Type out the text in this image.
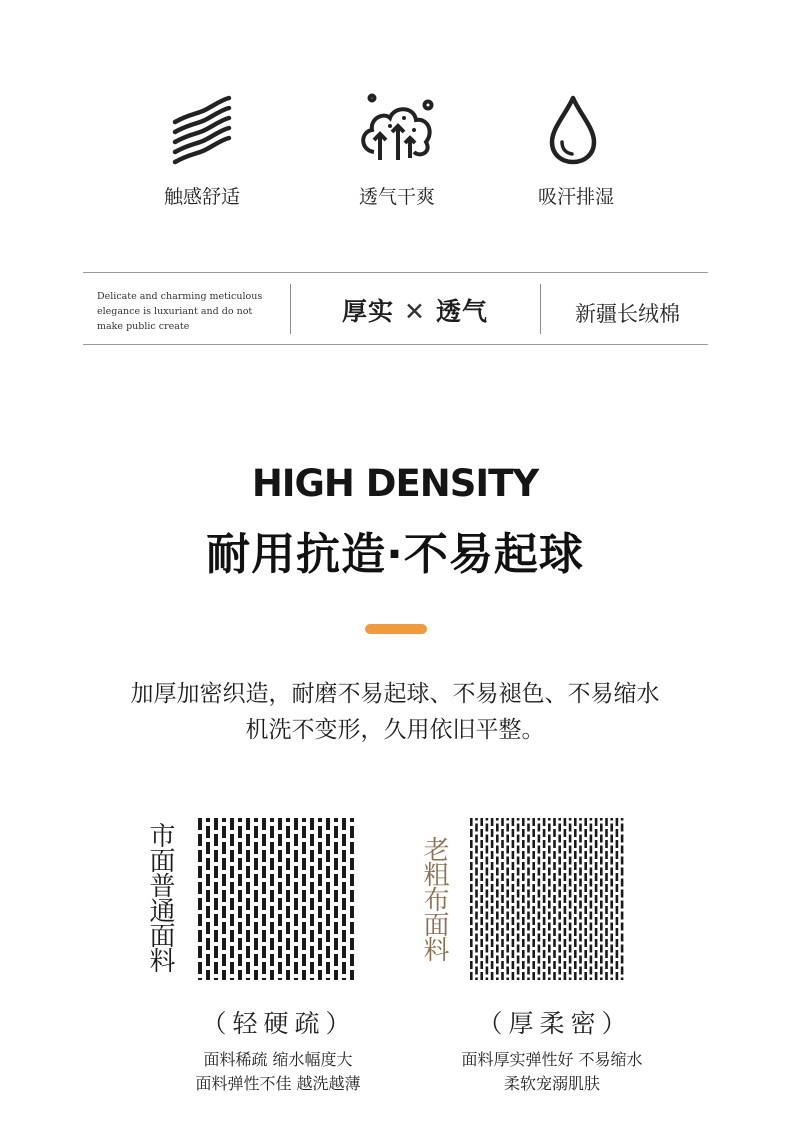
触感舒适	透气干爽	吸汗排湿
Delicate and charming meticulous
elegance is luxuriant and do not
make public create
厚实 ✕ 透气	新疆长绒棉
HIGH DENSITY
耐用抗造·不易起球
加厚加密织造，耐磨不易起球、不易褪色、不易缩水
机洗不变形，久用依旧平整。
市面普通面料
（轻硬疏）
面料稀疏 缩水幅度大
面料弹性不佳 越洗越薄
老粗布面料
（厚柔密）
面料厚实弹性好 不易缩水
柔软宠溺肌肤
